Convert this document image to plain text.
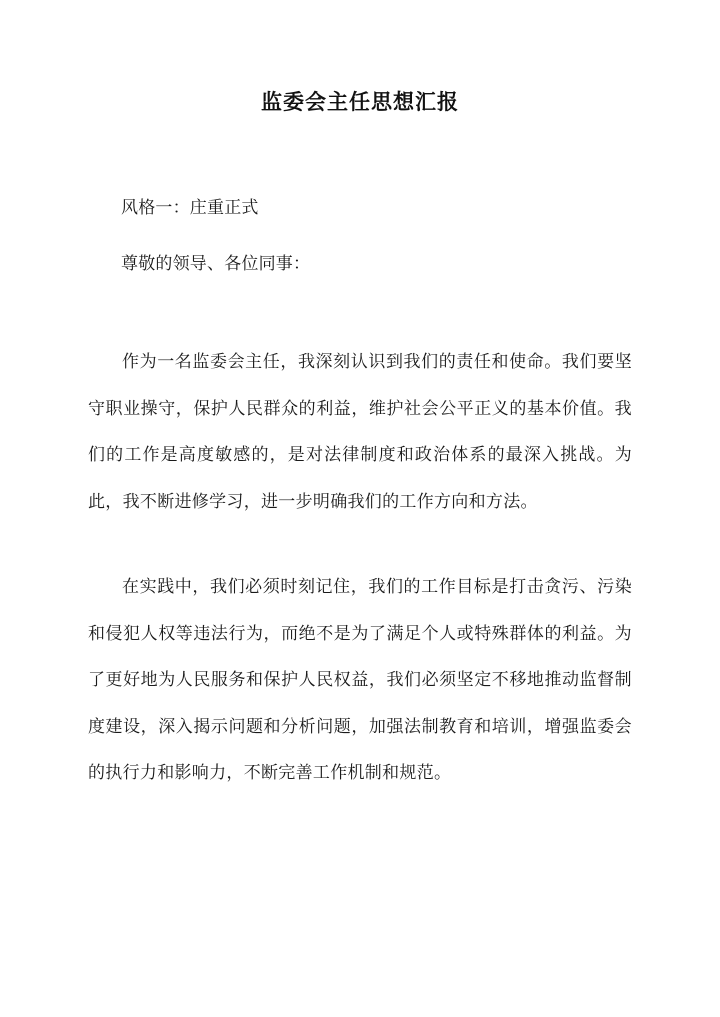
监委会主任思想汇报
风格一：庄重正式
尊敬的领导、各位同事：
作为一名监委会主任，我深刻认识到我们的责任和使命。我们要坚守职业操守，保护人民群众的利益，维护社会公平正义的基本价值。我们的工作是高度敏感的，是对法律制度和政治体系的最深入挑战。为此，我不断进修学习，进一步明确我们的工作方向和方法。
在实践中，我们必须时刻记住，我们的工作目标是打击贪污、污染和侵犯人权等违法行为，而绝不是为了满足个人或特殊群体的利益。为了更好地为人民服务和保护人民权益，我们必须坚定不移地推动监督制度建设，深入揭示问题和分析问题，加强法制教育和培训，增强监委会的执行力和影响力，不断完善工作机制和规范。
